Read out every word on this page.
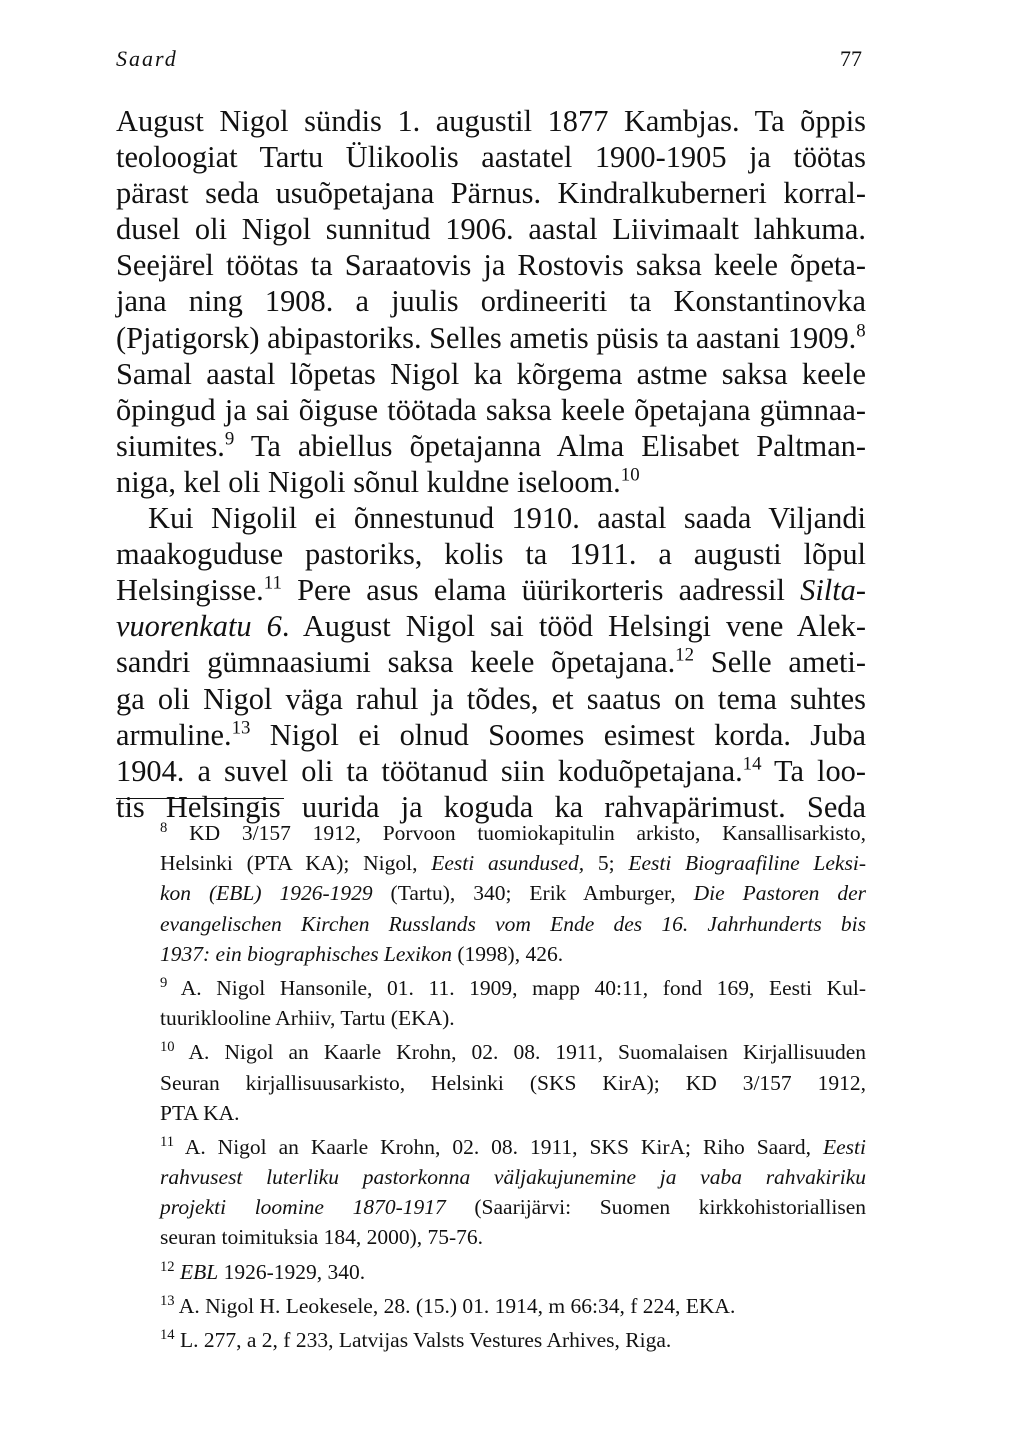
Saard	77
August Nigol sündis 1. augustil 1877 Kambjas. Ta õppis
teoloogiat Tartu Ülikoolis aastatel 1900-1905 ja töötas
pärast seda usuõpetajana Pärnus. Kindralkuberneri korral-
dusel oli Nigol sunnitud 1906. aastal Liivimaalt lahkuma.
Seejärel töötas ta Saraatovis ja Rostovis saksa keele õpeta-
jana ning 1908. a juulis ordineeriti ta Konstantinovka
(Pjatigorsk) abipastoriks. Selles ametis püsis ta aastani 1909.$^8$
Samal aastal lõpetas Nigol ka kõrgema astme saksa keele
õpingud ja sai õiguse töötada saksa keele õpetajana gümnaa-
siumites.$^9$ Ta abiellus õpetajanna Alma Elisabet Paltman-
niga, kel oli Nigoli sõnul kuldne iseloom.$^{10}$
Kui Nigolil ei õnnestunud 1910. aastal saada Viljandi
maakoguduse pastoriks, kolis ta 1911. a augusti lõpul
Helsingisse.$^{11}$ Pere asus elama üürikorteris aadressil Silta-
vuorenkatu 6. August Nigol sai tööd Helsingi vene Alek-
sandri gümnaasiumi saksa keele õpetajana.$^{12}$ Selle ameti-
ga oli Nigol väga rahul ja tõdes, et saatus on tema suhtes
armuline.$^{13}$ Nigol ei olnud Soomes esimest korda. Juba
1904. a suvel oli ta töötanud siin koduõpetajana.$^{14}$ Ta loo-
tis Helsingis uurida ja koguda ka rahvapärimust. Seda
$^8$ KD 3/157 1912, Porvoon tuomiokapitulin arkisto, Kansallisarkisto,
Helsinki (PTA KA); Nigol, Eesti asundused, 5; Eesti Biograafiline Leksi-
kon (EBL) 1926-1929 (Tartu), 340; Erik Amburger, Die Pastoren der
evangelischen Kirchen Russlands vom Ende des 16. Jahrhunderts bis
1937: ein biographisches Lexikon (1998), 426.
$^9$ A. Nigol Hansonile, 01. 11. 1909, mapp 40:11, fond 169, Eesti Kul-
tuuriklooline Arhiiv, Tartu (EKA).
$^{10}$ A. Nigol an Kaarle Krohn, 02. 08. 1911, Suomalaisen Kirjallisuuden
Seuran kirjallisuusarkisto, Helsinki (SKS KirA); KD 3/157 1912,
PTA KA.
$^{11}$ A. Nigol an Kaarle Krohn, 02. 08. 1911, SKS KirA; Riho Saard, Eesti
rahvusest luterliku pastorkonna väljakujunemine ja vaba rahvakiriku
projekti loomine 1870-1917 (Saarijärvi: Suomen kirkkohistoriallisen
seuran toimituksia 184, 2000), 75-76.
$^{12}$ EBL 1926-1929, 340.
$^{13}$ A. Nigol H. Leokesele, 28. (15.) 01. 1914, m 66:34, f 224, EKA.
$^{14}$ L. 277, a 2, f 233, Latvijas Valsts Vestures Arhives, Riga.
